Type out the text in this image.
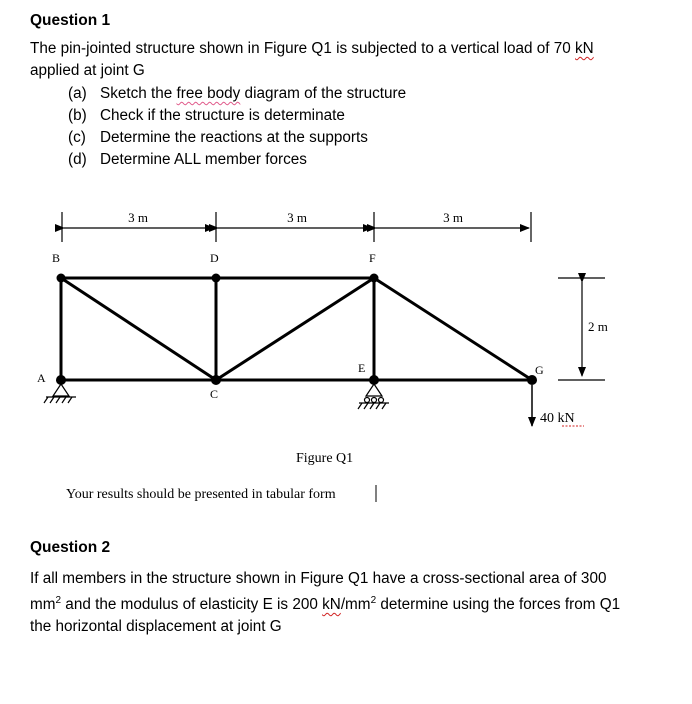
Question 1
The pin-jointed structure shown in Figure Q1 is subjected to a vertical load of 70 kN
applied at joint G
(a) Sketch the free body diagram of the structure
(b) Check if the structure is determinate
(c) Determine the reactions at the supports
(d) Determine ALL member forces
3 m	3 m	3 m
B	D	F
A
C
E	G
2 m
40 kN
Figure Q1
Your results should be presented in tabular form
Question 2
If all members in the structure shown in Figure Q1 have a cross-sectional area of 300 $mm^2$ and the modulus of elasticity E is 200 $kN/mm^2$ determine using the forces from Q1 the horizontal displacement at joint G
